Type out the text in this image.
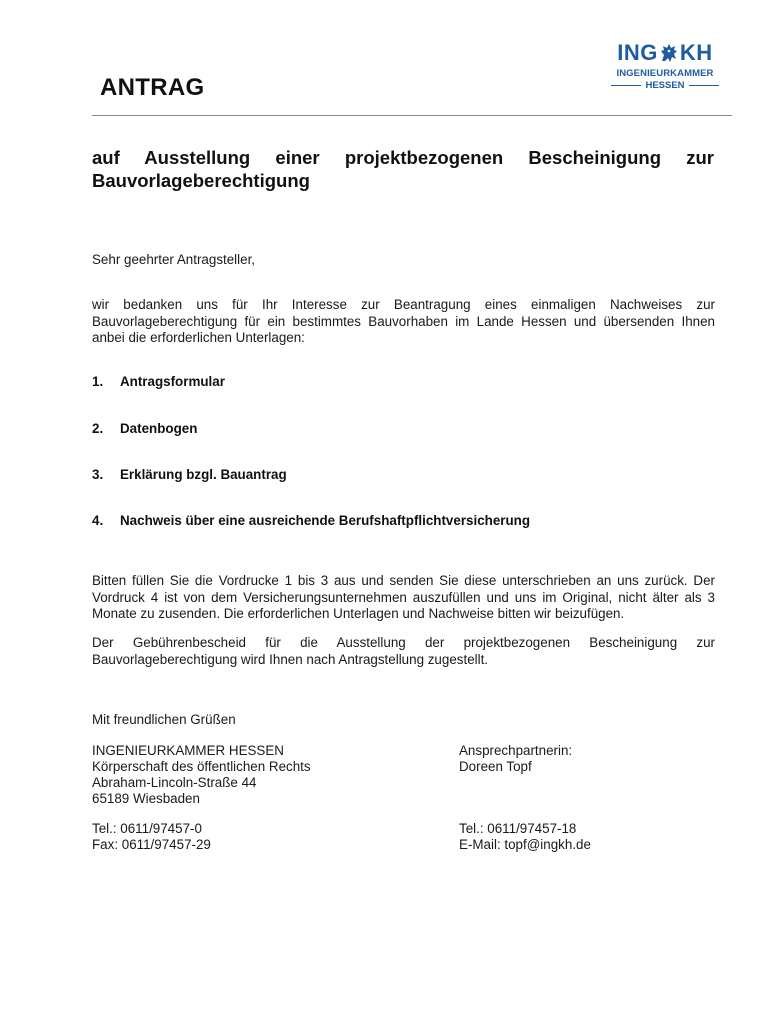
ANTRAG
ING KH
INGENIEURKAMMER
HESSEN
auf Ausstellung einer projektbezogenen Bescheinigung zur Bauvorlageberechtigung
Sehr geehrter Antragsteller,
wir bedanken uns für Ihr Interesse zur Beantragung eines einmaligen Nachweises zur Bauvorlageberechtigung für ein bestimmtes Bauvorhaben im Lande Hessen und übersenden Ihnen anbei die erforderlichen Unterlagen:
1. Antragsformular
2. Datenbogen
3. Erklärung bzgl. Bauantrag
4. Nachweis über eine ausreichende Berufshaftpflichtversicherung
Bitten füllen Sie die Vordrucke 1 bis 3 aus und senden Sie diese unterschrieben an uns zurück. Der Vordruck 4 ist von dem Versicherungsunternehmen auszufüllen und uns im Original, nicht älter als 3 Monate zu zusenden. Die erforderlichen Unterlagen und Nachweise bitten wir beizufügen.
Der Gebührenbescheid für die Ausstellung der projektbezogenen Bescheinigung zur Bauvorlageberechtigung wird Ihnen nach Antragstellung zugestellt.
Mit freundlichen Grüßen
INGENIEURKAMMER HESSEN
Körperschaft des öffentlichen Rechts
Abraham-Lincoln-Straße 44
65189 Wiesbaden
Tel.: 0611/97457-0
Fax: 0611/97457-29
Ansprechpartnerin:
Doreen Topf
Tel.: 0611/97457-18
E-Mail: topf@ingkh.de
